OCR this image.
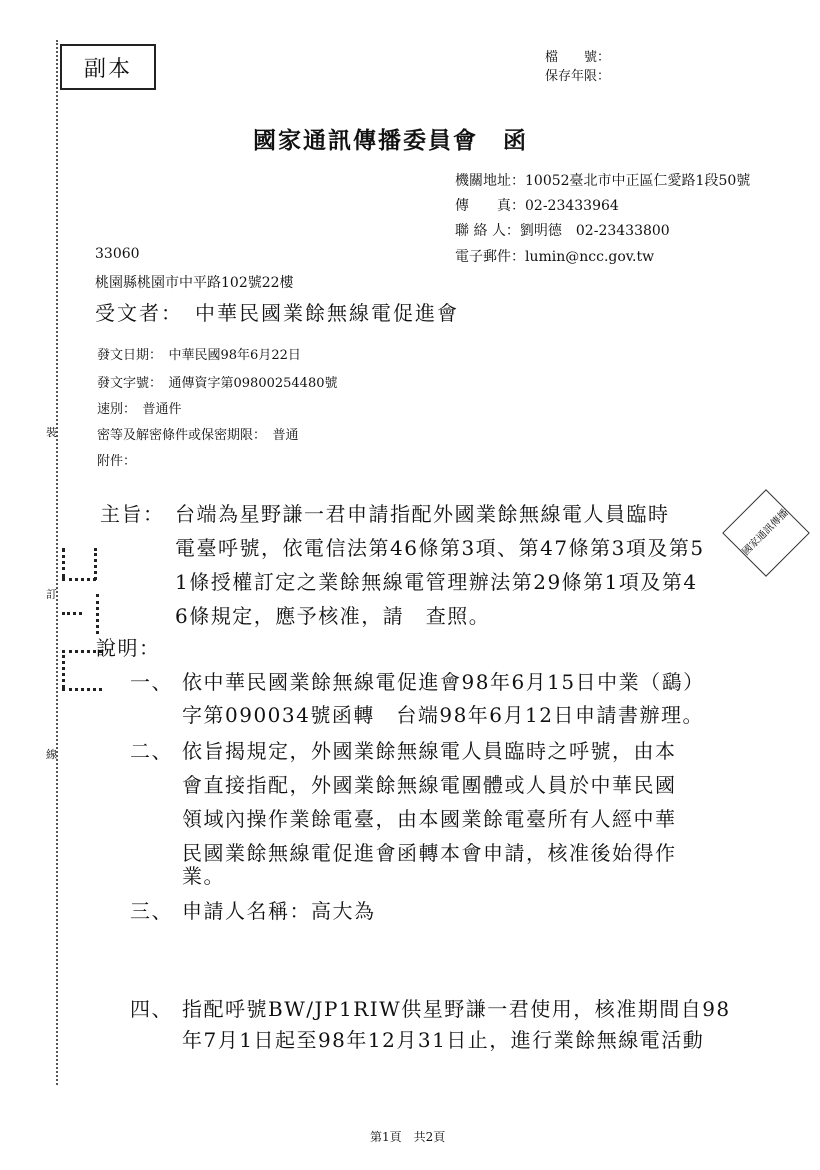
裝
訂
線
副本	檔　　號：
保存年限：
國家通訊傳播委員會　函
機關地址：10052臺北市中正區仁愛路1段50號
傳　　真：02-23433964
聯 絡 人：劉明德　02-23433800
電子郵件：lumin@ncc.gov.tw
33060
桃園縣桃園市中平路102號22樓
受文者：　中華民國業餘無線電促進會
發文日期：　中華民國98年6月22日
發文字號：　通傳資字第09800254480號
速別：　普通件
密等及解密條件或保密期限：　普通
附件：
主旨： 台端為星野謙一君申請指配外國業餘無線電人員臨時
電臺呼號，依電信法第46條第3項、第47條第3項及第5
1條授權訂定之業餘無線電管理辦法第29條第1項及第4
6條規定，應予核准，請　查照。
國家通訊傳播
說明：
一、 依中華民國業餘無線電促進會98年6月15日中業（鷂）
字第090034號函轉　台端98年6月12日申請書辦理。
二、 依旨揭規定，外國業餘無線電人員臨時之呼號，由本
會直接指配，外國業餘無線電團體或人員於中華民國
領域內操作業餘電臺，由本國業餘電臺所有人經中華
民國業餘無線電促進會函轉本會申請，核准後始得作
業。
三、 申請人名稱：高大為
四、 指配呼號BW/JP1RIW供星野謙一君使用，核准期間自98
年7月1日起至98年12月31日止，進行業餘無線電活動
第1頁　共2頁
